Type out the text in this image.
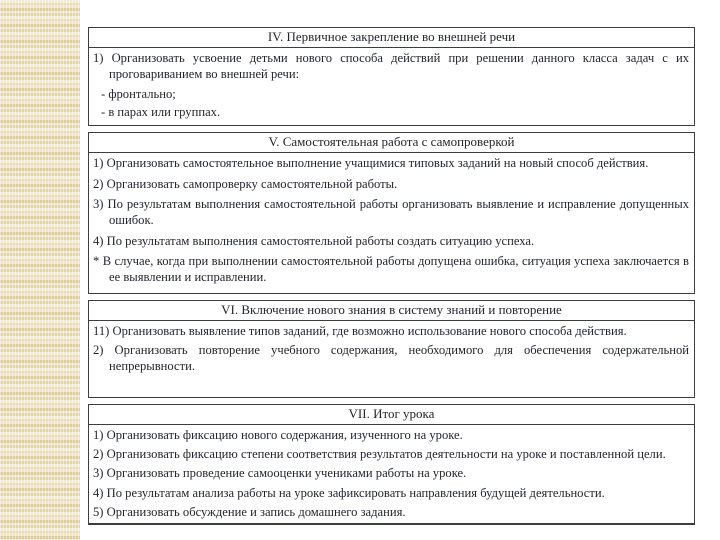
IV. Первичное закрепление во внешней речи

1) Организовать усвоение детьми нового способа действий при решении данного класса задач с их проговариванием во внешней речи:

- фронтально;

- в парах или группах.

V. Самостоятельная работа с самопроверкой

1) Организовать самостоятельное выполнение учащимися типовых заданий на новый способ действия.

2) Организовать самопроверку самостоятельной работы.

3) По результатам выполнения самостоятельной работы организовать выявление и исправление допущенных ошибок.

4) По результатам выполнения самостоятельной работы создать ситуацию успеха.

* В случае, когда при выполнении самостоятельной работы допущена ошибка, ситуация успеха заключается в ее выявлении и исправлении.

VI. Включение нового знания в систему знаний и повторение

11) Организовать выявление типов заданий, где возможно использование нового способа действия.

2) Организовать повторение учебного содержания, необходимого для обеспечения содержательной непрерывности.

VII. Итог урока

1) Организовать фиксацию нового содержания, изученного на уроке.

2) Организовать фиксацию степени соответствия результатов деятельности на уроке и поставленной цели.

3) Организовать проведение самооценки учениками работы на уроке.

4) По результатам анализа работы на уроке зафиксировать направления будущей деятельности.

5) Организовать обсуждение и запись домашнего задания.
